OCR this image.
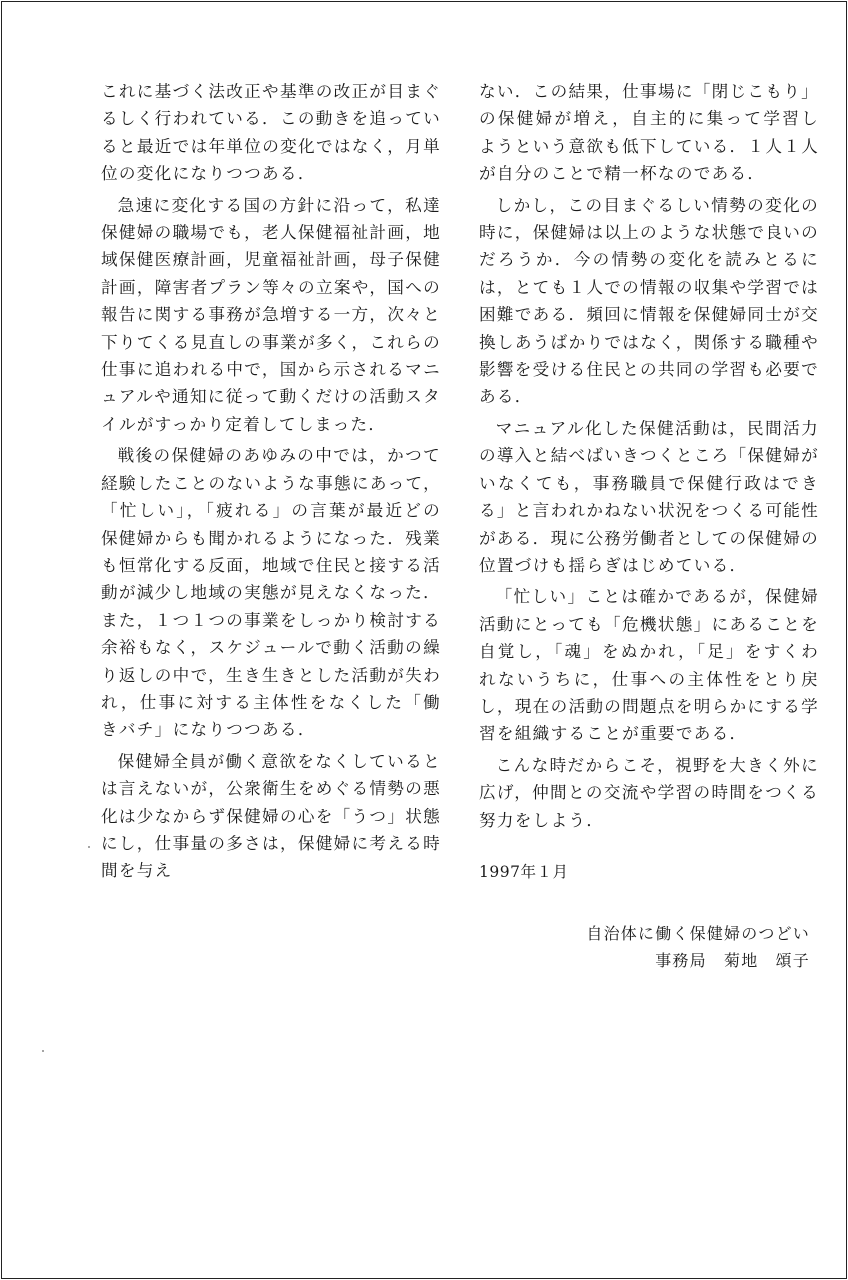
これに基づく法改正や基準の改正が目まぐるしく行われている．この動きを追っていると最近では年単位の変化ではなく，月単位の変化になりつつある．

急速に変化する国の方針に沿って，私達保健婦の職場でも，老人保健福祉計画，地域保健医療計画，児童福祉計画，母子保健計画，障害者プラン等々の立案や，国への報告に関する事務が急増する一方，次々と下りてくる見直しの事業が多く，これらの仕事に追われる中で，国から示されるマニュアルや通知に従って動くだけの活動スタイルがすっかり定着してしまった．

戦後の保健婦のあゆみの中では，かつて経験したことのないような事態にあって，「忙しい」，「疲れる」の言葉が最近どの保健婦からも聞かれるようになった．残業も恒常化する反面，地域で住民と接する活動が減少し地域の実態が見えなくなった．また，１つ１つの事業をしっかり検討する余裕もなく，スケジュールで動く活動の繰り返しの中で，生き生きとした活動が失われ，仕事に対する主体性をなくした「働きバチ」になりつつある．

保健婦全員が働く意欲をなくしているとは言えないが，公衆衛生をめぐる情勢の悪化は少なからず保健婦の心を「うつ」状態にし，仕事量の多さは，保健婦に考える時間を与え

ない．この結果，仕事場に「閉じこもり」の保健婦が増え，自主的に集って学習しようという意欲も低下している．１人１人が自分のことで精一杯なのである．

しかし，この目まぐるしい情勢の変化の時に，保健婦は以上のような状態で良いのだろうか．今の情勢の変化を読みとるには，とても１人での情報の収集や学習では困難である．頻回に情報を保健婦同士が交換しあうばかりではなく，関係する職種や影響を受ける住民との共同の学習も必要である．

マニュアル化した保健活動は，民間活力の導入と結べばいきつくところ「保健婦がいなくても，事務職員で保健行政はできる」と言われかねない状況をつくる可能性がある．現に公務労働者としての保健婦の位置づけも揺らぎはじめている．

「忙しい」ことは確かであるが，保健婦活動にとっても「危機状態」にあることを自覚し，「魂」をぬかれ，「足」をすくわれないうちに，仕事への主体性をとり戻し，現在の活動の問題点を明らかにする学習を組織することが重要である．

こんな時だからこそ，視野を大きく外に広げ，仲間との交流や学習の時間をつくる努力をしよう．

1997年１月
自治体に働く保健婦のつどい
事務局　菊地　頌子
